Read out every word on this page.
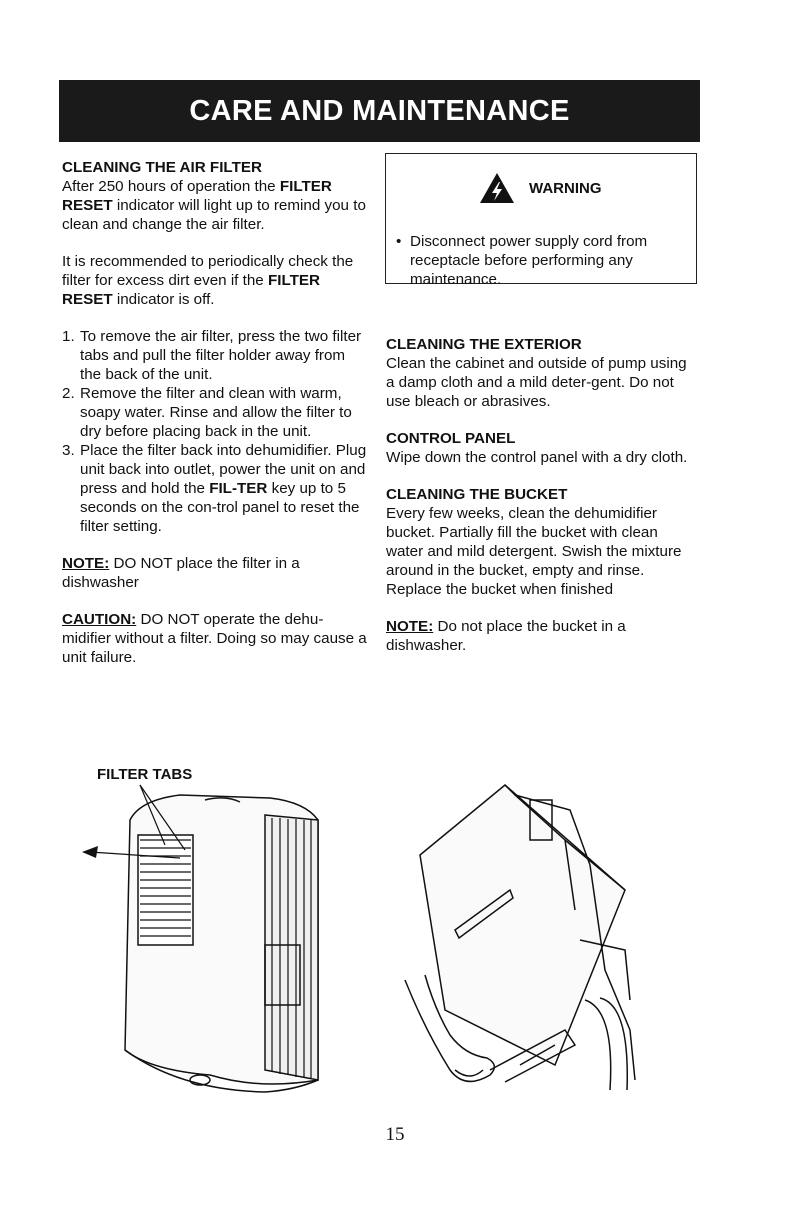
CARE AND MAINTENANCE

CLEANING THE AIR FILTER

After 250 hours of operation the FILTER RESET indicator will light up to remind you to clean and change the air filter.

It is recommended to periodically check the filter for excess dirt even if the FILTER RESET indicator is off.

1. To remove the air filter, press the two filter tabs and pull the filter holder away from the back of the unit.
2. Remove the filter and clean with warm, soapy water. Rinse and allow the filter to dry before placing back in the unit.
3. Place the filter back into dehumidifier. Plug unit back into outlet, power the unit on and press and hold the FIL-TER key up to 5 seconds on the con-trol panel to reset the filter setting.

NOTE: DO NOT place the filter in a dishwasher

CAUTION: DO NOT operate the dehu-midifier without a filter. Doing so may cause a unit failure.

WARNING
• Disconnect power supply cord from receptacle before performing any maintenance.

CLEANING THE EXTERIOR

Clean the cabinet and outside of pump using a damp cloth and a mild deter-gent. Do not use bleach or abrasives.

CONTROL PANEL

Wipe down the control panel with a dry cloth.

CLEANING THE BUCKET

Every few weeks, clean the dehumidifier bucket. Partially fill the bucket with clean water and mild detergent. Swish the mixture around in the bucket, empty and rinse. Replace the bucket when finished

NOTE: Do not place the bucket in a dishwasher.

FILTER TABS
15
